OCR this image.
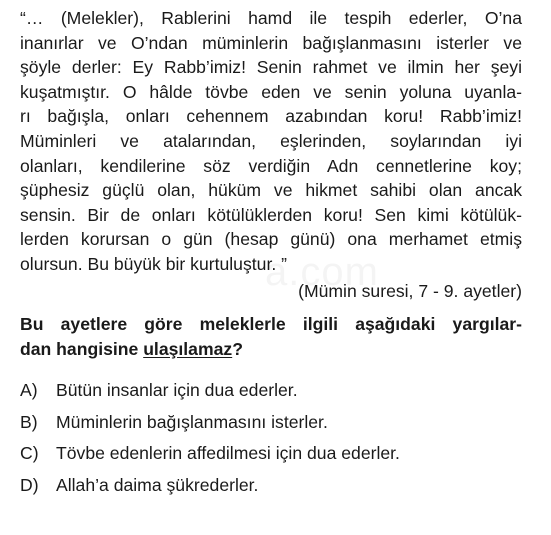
“… (Melekler), Rablerini hamd ile tespih ederler, O’na
inanırlar ve O’ndan müminlerin bağışlanmasını isterler ve
şöyle derler: Ey Rabb’imiz! Senin rahmet ve ilmin her şeyi
kuşatmıştır. O hâlde tövbe eden ve senin yoluna uyanla-
rı bağışla, onları cehennem azabından koru! Rabb’imiz!
Müminleri ve atalarından, eşlerinden, soylarından iyi
olanları, kendilerine söz verdiğin Adn cennetlerine koy;
şüphesiz güçlü olan, hüküm ve hikmet sahibi olan ancak
sensin. Bir de onları kötülüklerden koru! Sen kimi kötülük-
lerden korursan o gün (hesap günü) ona merhamet etmiş
olursun. Bu büyük bir kurtuluştur. ”

(Mümin suresi, 7 - 9. ayetler)

Bu ayetlere göre meleklerle ilgili aşağıdaki yargılar-
dan hangisine ulaşılamaz?
A)	Bütün insanlar için dua ederler.
B)	Müminlerin bağışlanmasını isterler.
C) Tövbe edenlerin affedilmesi için dua ederler.
D) Allah’a daima şükrederler.
